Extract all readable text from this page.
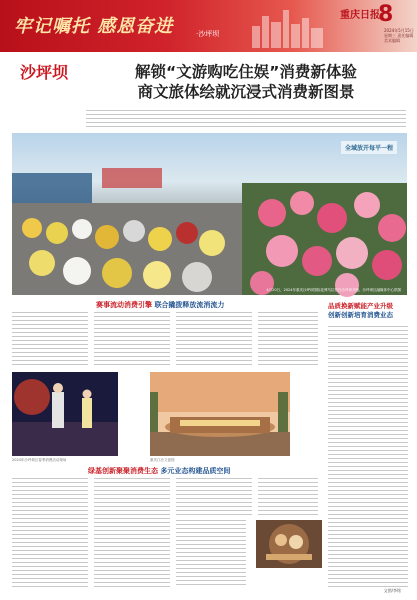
牢记嘱托 感恩奋进	·沙坪坝
重庆日报
8
2024年5月15日 星期三 责任编辑 美术编辑
沙坪坝	解锁“文游购吃住娱”消费新体验
商文旅体绘就沉浸式消费新图景
全域放开每平一程
4月20日，2024年重庆沙坪坝国际花博马拉松在沙坪坝开跑。沙坪坝区融媒体中心供图
赛事流动消费引擎 联合撬拨释放流消流力	品质换新赋能产业升级
创新创新培育消费业态
2024年沙坪坝区春季消费活动现场	重庆江沙文创园
绿基创新聚聚消费生态 多元业态构建品质空间
文图/李铭
